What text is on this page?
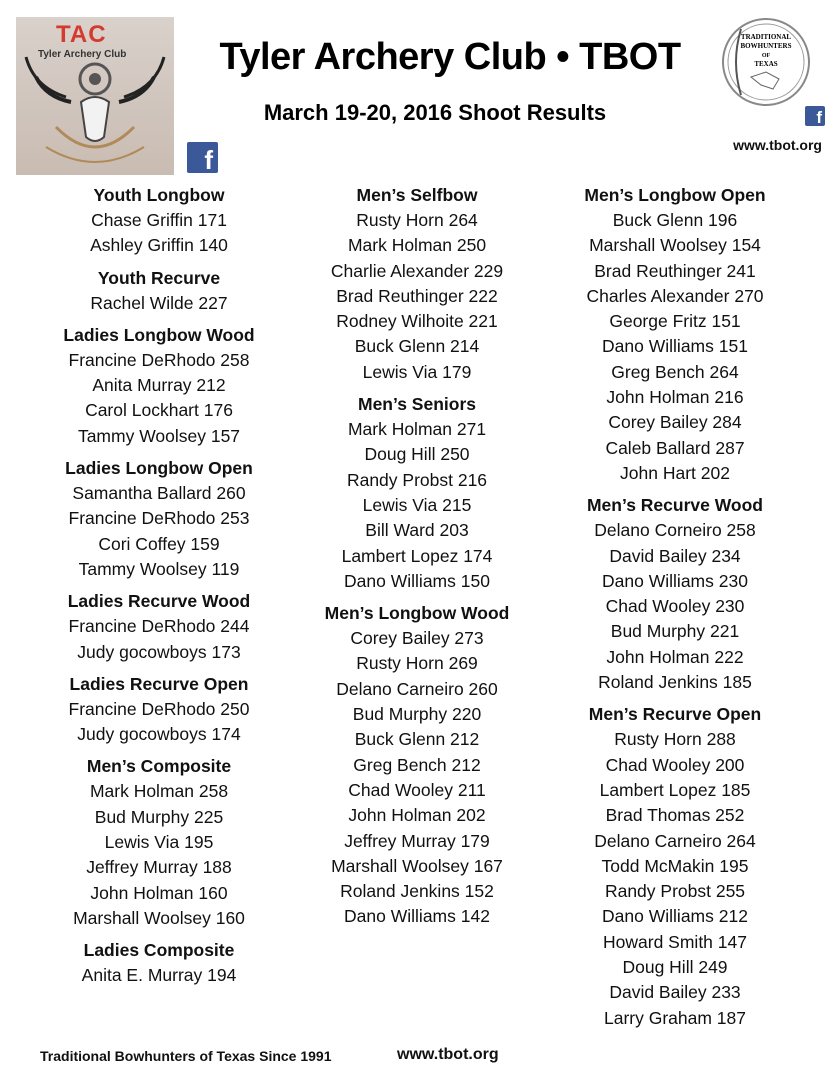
TAC
Tyler Archery Club
f
Tyler Archery Club • TBOT
March 19-20, 2016 Shoot Results
TRADITIONAL
BOWHUNTERS
OF
TEXAS
f
www.tbot.org
Youth Longbow
Chase Griffin 171
Ashley Griffin 140
Youth Recurve
Rachel Wilde 227
Ladies Longbow Wood
Francine DeRhodo 258
Anita Murray 212
Carol Lockhart 176
Tammy Woolsey 157
Ladies Longbow Open
Samantha Ballard 260
Francine DeRhodo 253
Cori Coffey 159
Tammy Woolsey 119
Ladies Recurve Wood
Francine DeRhodo 244
Judy gocowboys 173
Ladies Recurve Open
Francine DeRhodo 250
Judy gocowboys 174
Men’s Composite
Mark Holman 258
Bud Murphy 225
Lewis Via 195
Jeffrey Murray 188
John Holman 160
Marshall Woolsey 160
Ladies Composite
Anita E. Murray 194
Men’s Selfbow
Rusty Horn 264
Mark Holman 250
Charlie Alexander 229
Brad Reuthinger 222
Rodney Wilhoite 221
Buck Glenn 214
Lewis Via 179
Men’s Seniors
Mark Holman 271
Doug Hill 250
Randy Probst 216
Lewis Via 215
Bill Ward 203
Lambert Lopez 174
Dano Williams 150
Men’s Longbow Wood
Corey Bailey 273
Rusty Horn 269
Delano Carneiro 260
Bud Murphy 220
Buck Glenn 212
Greg Bench 212
Chad Wooley 211
John Holman 202
Jeffrey Murray 179
Marshall Woolsey 167
Roland Jenkins 152
Dano Williams 142
Men’s Longbow Open
Buck Glenn 196
Marshall Woolsey 154
Brad Reuthinger 241
Charles Alexander 270
George Fritz 151
Dano Williams 151
Greg Bench 264
John Holman 216
Corey Bailey 284
Caleb Ballard 287
John Hart 202
Men’s Recurve Wood
Delano Corneiro 258
David Bailey 234
Dano Williams 230
Chad Wooley 230
Bud Murphy 221
John Holman 222
Roland Jenkins 185
Men’s Recurve Open
Rusty Horn 288
Chad Wooley 200
Lambert Lopez 185
Brad Thomas 252
Delano Carneiro 264
Todd McMakin 195
Randy Probst 255
Dano Williams 212
Howard Smith 147
Doug Hill 249
David Bailey 233
Larry Graham 187
Traditional Bowhunters of Texas Since 1991	www.tbot.org
